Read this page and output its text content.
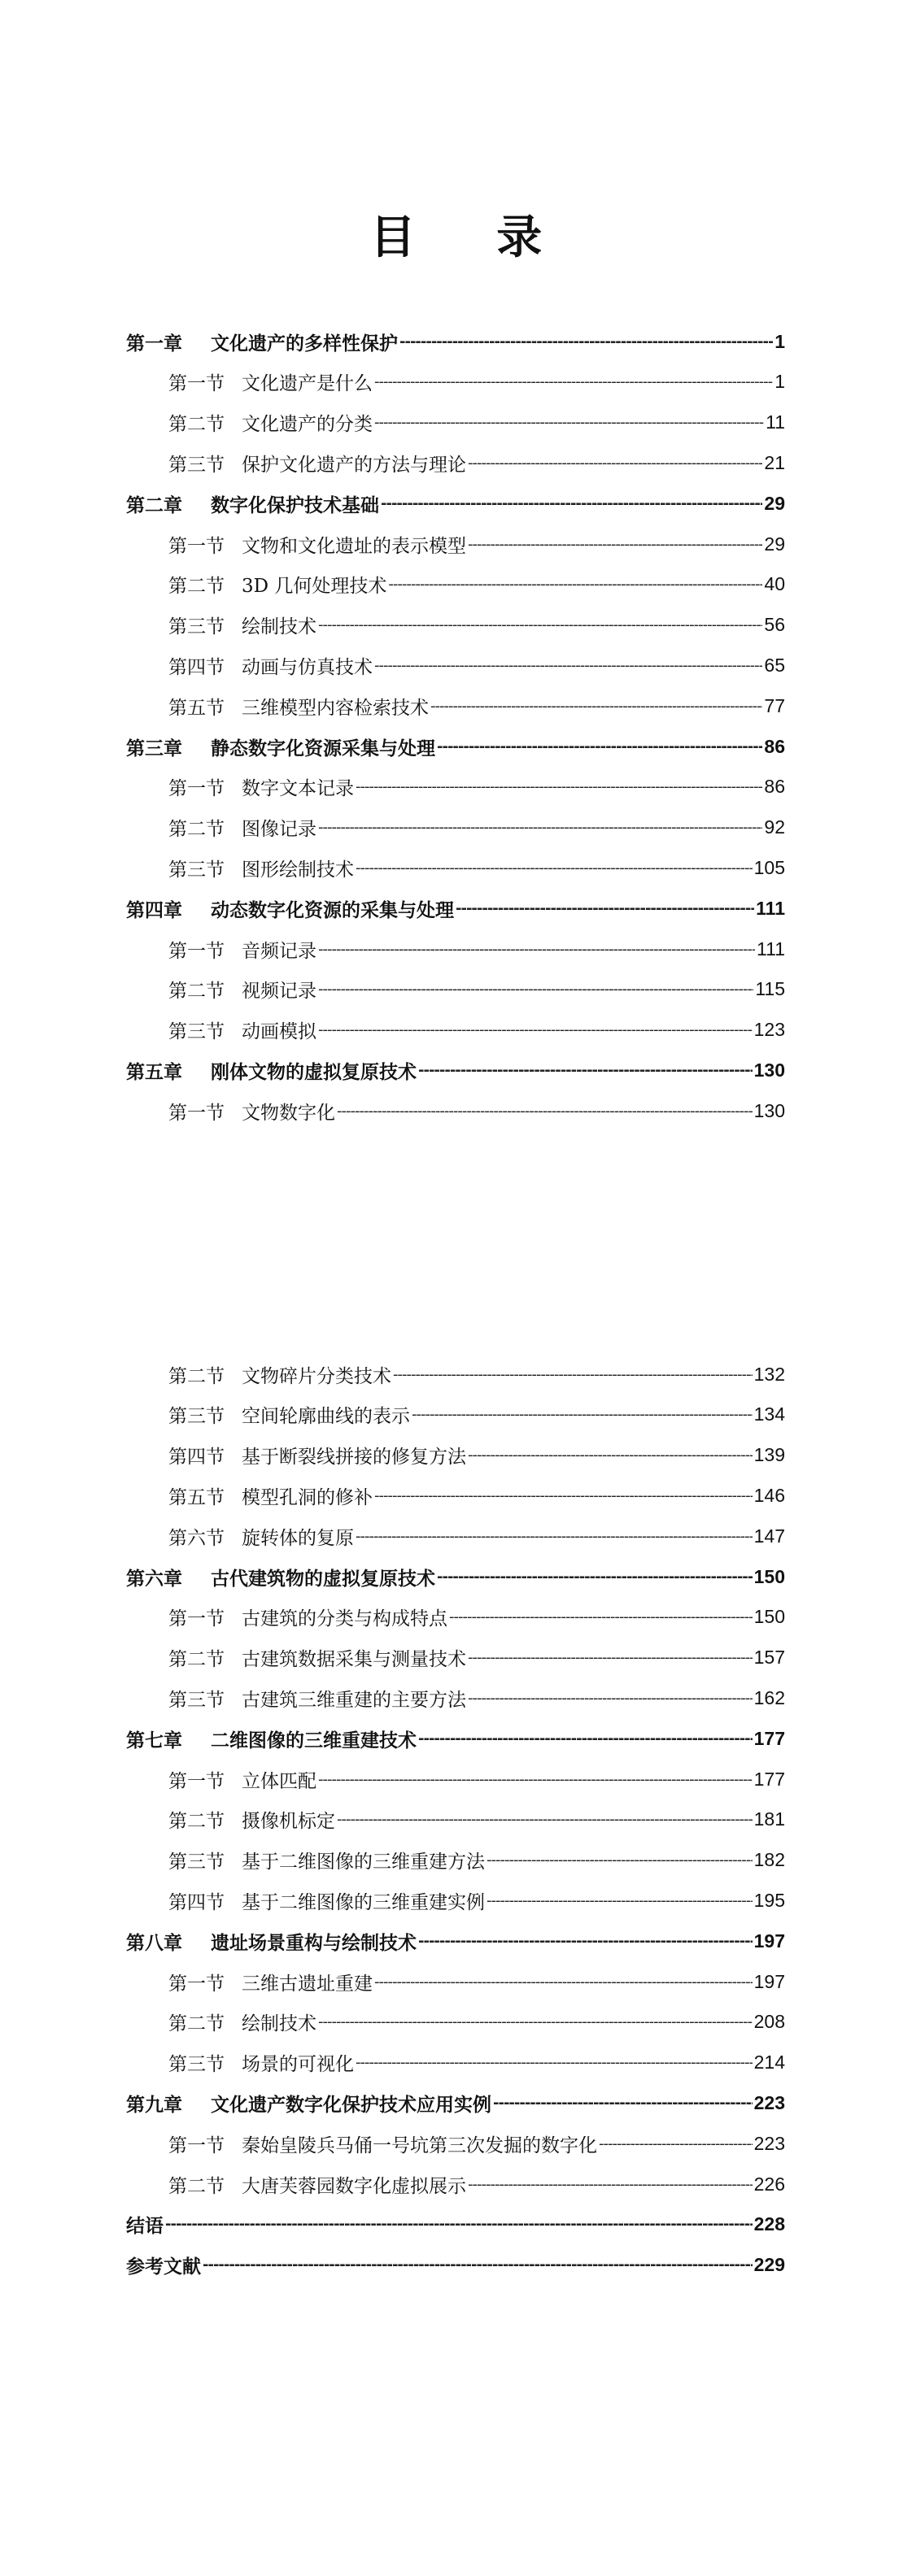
目 录
第一章	文化遗产的多样性保护 -----	1
第一节 文化遗产是什么 -----	1
第二节 文化遗产的分类 -----	11
第三节 保护文化遗产的方法与理论 -----	21
第二章	数字化保护技术基础 -----	29
第一节 文物和文化遗址的表示模型 -----	29
第二节 3D 几何处理技术 -----	40
第三节 绘制技术 -----	56
第四节 动画与仿真技术 -----	65
第五节 三维模型内容检索技术 -----	77
第三章	静态数字化资源采集与处理 -----	86
第一节 数字文本记录 -----	86
第二节 图像记录 -----	92
第三节 图形绘制技术 -----	105
第四章	动态数字化资源的采集与处理 -----	111
第一节 音频记录 -----	111
第二节 视频记录 -----	115
第三节 动画模拟 -----	123
第五章	刚体文物的虚拟复原技术 -----	130
第一节 文物数字化 -----	130
第二节 文物碎片分类技术 -----	132
第三节 空间轮廓曲线的表示 -----	134
第四节 基于断裂线拼接的修复方法 -----	139
第五节 模型孔洞的修补 -----	146
第六节 旋转体的复原 -----	147
第六章	古代建筑物的虚拟复原技术 -----	150
第一节 古建筑的分类与构成特点 -----	150
第二节 古建筑数据采集与测量技术 -----	157
第三节 古建筑三维重建的主要方法 -----	162
第七章	二维图像的三维重建技术 -----	177
第一节 立体匹配 -----	177
第二节 摄像机标定 -----	181
第三节 基于二维图像的三维重建方法 -----	182
第四节 基于二维图像的三维重建实例 -----	195
第八章	遗址场景重构与绘制技术 -----	197
第一节 三维古遗址重建 -----	197
第二节 绘制技术 -----	208
第三节 场景的可视化 -----	214
第九章	文化遗产数字化保护技术应用实例 -----	223
第一节 秦始皇陵兵马俑一号坑第三次发掘的数字化 -----	223
第二节 大唐芙蓉园数字化虚拟展示 -----	226
结语 -----	228
参考文献 -----	229
